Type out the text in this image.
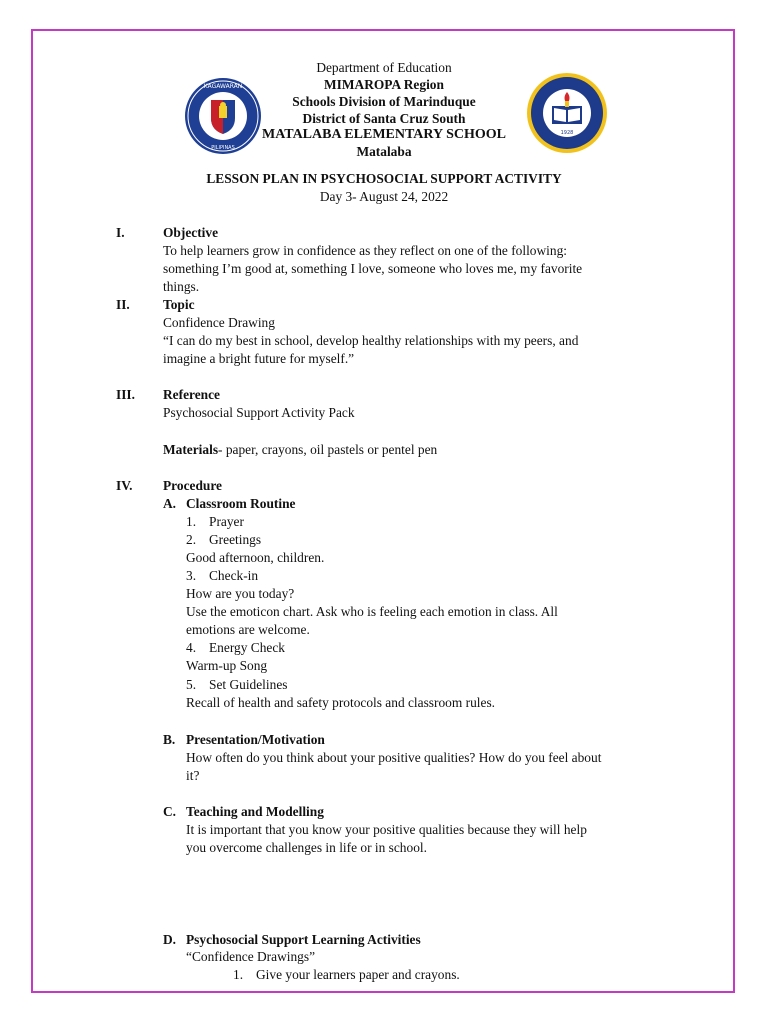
KAGAWARAN
PILIPINAS
1928
Department of Education
MIMAROPA Region
Schools Division of Marinduque
District of Santa Cruz South
MATALABA ELEMENTARY SCHOOL
Matalaba
LESSON PLAN IN PSYCHOSOCIAL SUPPORT ACTIVITY
Day 3- August 24, 2022
I.	Objective
To help learners grow in confidence as they reflect on one of the following:
something I’m good at, something I love, someone who loves me, my favorite
things.
II. Topic
Confidence Drawing
“I can do my best in school, develop healthy relationships with my peers, and
imagine a bright future for myself.”
III. Reference
Psychosocial Support Activity Pack
Materials- paper, crayons, oil pastels or pentel pen
IV. Procedure
A. Classroom Routine
1. Prayer
2. Greetings
Good afternoon, children.
3. Check-in
How are you today?
Use the emoticon chart. Ask who is feeling each emotion in class. All
emotions are welcome.
4. Energy Check
Warm-up Song
5. Set Guidelines
Recall of health and safety protocols and classroom rules.
B. Presentation/Motivation
How often do you think about your positive qualities? How do you feel about
it?
C. Teaching and Modelling
It is important that you know your positive qualities because they will help
you overcome challenges in life or in school.
D. Psychosocial Support Learning Activities
“Confidence Drawings”
1. Give your learners paper and crayons.
